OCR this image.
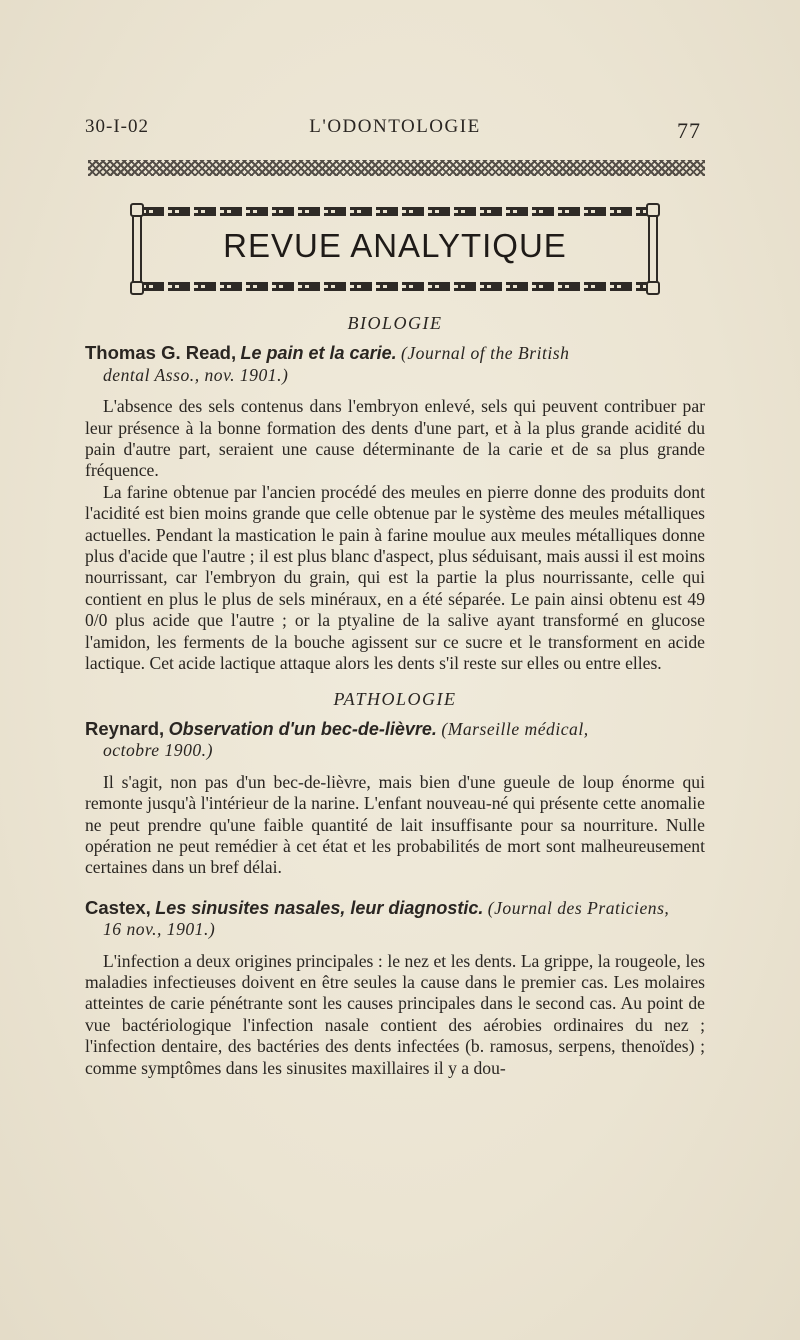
30-I-02	L'ODONTOLOGIE	77
REVUE ANALYTIQUE
BIOLOGIE

Thomas G. Read, Le pain et la carie. (Journal of the British
dental Asso., nov. 1901.)

L'absence des sels contenus dans l'embryon enlevé, sels qui peuvent contribuer par leur présence à la bonne formation des dents d'une part, et à la plus grande acidité du pain d'autre part, seraient une cause déterminante de la carie et de sa plus grande fréquence.

La farine obtenue par l'ancien procédé des meules en pierre donne des produits dont l'acidité est bien moins grande que celle obtenue par le système des meules métalliques actuelles. Pendant la mastication le pain à farine moulue aux meules métalliques donne plus d'acide que l'autre ; il est plus blanc d'aspect, plus séduisant, mais aussi il est moins nourrissant, car l'embryon du grain, qui est la partie la plus nourrissante, celle qui contient en plus le plus de sels minéraux, en a été séparée. Le pain ainsi obtenu est 49 0/0 plus acide que l'autre ; or la ptyaline de la salive ayant transformé en glucose l'amidon, les ferments de la bouche agissent sur ce sucre et le transforment en acide lactique. Cet acide lactique attaque alors les dents s'il reste sur elles ou entre elles.

PATHOLOGIE

Reynard, Observation d'un bec-de-lièvre. (Marseille médical,
octobre 1900.)

Il s'agit, non pas d'un bec-de-lièvre, mais bien d'une gueule de loup énorme qui remonte jusqu'à l'intérieur de la narine. L'enfant nouveau-né qui présente cette anomalie ne peut prendre qu'une faible quantité de lait insuffisante pour sa nourriture. Nulle opération ne peut remédier à cet état et les probabilités de mort sont malheureusement certaines dans un bref délai.

Castex, Les sinusites nasales, leur diagnostic. (Journal des Praticiens,
16 nov., 1901.)

L'infection a deux origines principales : le nez et les dents. La grippe, la rougeole, les maladies infectieuses doivent en être seules la cause dans le premier cas. Les molaires atteintes de carie pénétrante sont les causes principales dans le second cas. Au point de vue bactériologique l'infection nasale contient des aérobies ordinaires du nez ; l'infection dentaire, des bactéries des dents infectées (b. ramosus, serpens, thenoïdes) ; comme symptômes dans les sinusites maxillaires il y a dou-
